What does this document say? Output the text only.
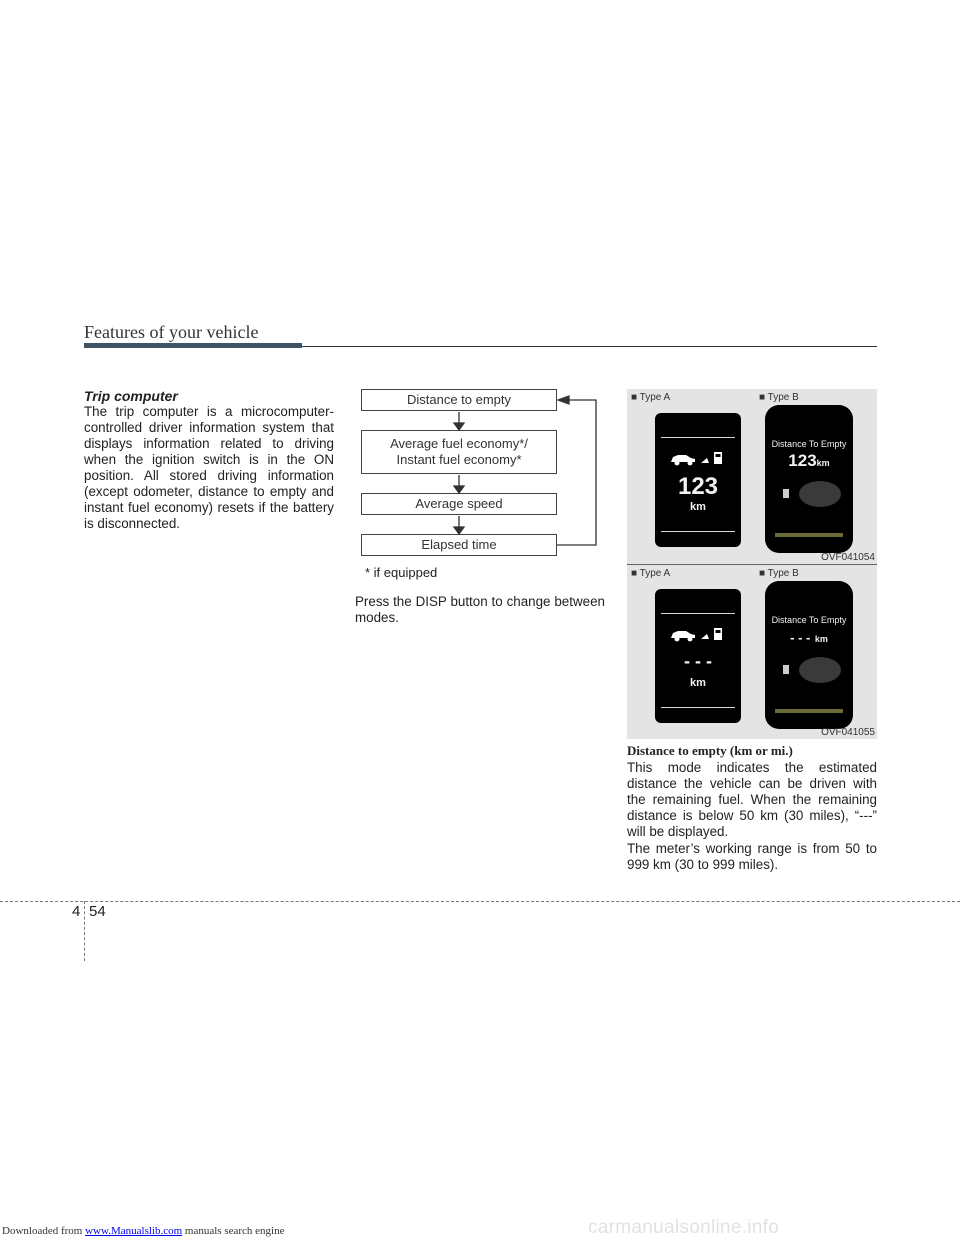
Features of your vehicle
Trip computer

The trip computer is a microcomputer-controlled driver information system that displays information related to driving when the ignition switch is in the ON position. All stored driving information (except odometer, distance to empty and instant fuel economy) resets if the battery is disconnected.

Distance to empty
Average fuel economy*/
Instant fuel economy*
Average speed
Elapsed time
* if equipped

Press the DISP button to change between modes.

■ Type A	■ Type B
123
km
Distance To Empty
123km
OVF041054
■ Type A	■ Type B
- - -
km
Distance To Empty
- - - km
OVF041055
Distance to empty (km or mi.)

This mode indicates the estimated distance the vehicle can be driven with the remaining fuel. When the remaining distance is below 50 km (30 miles), “---” will be displayed.

The meter’s working range is from 50 to 999 km (30 to 999 miles).

4 54
Downloaded from www.Manualslib.com manuals search engine	carmanualsonline.info
